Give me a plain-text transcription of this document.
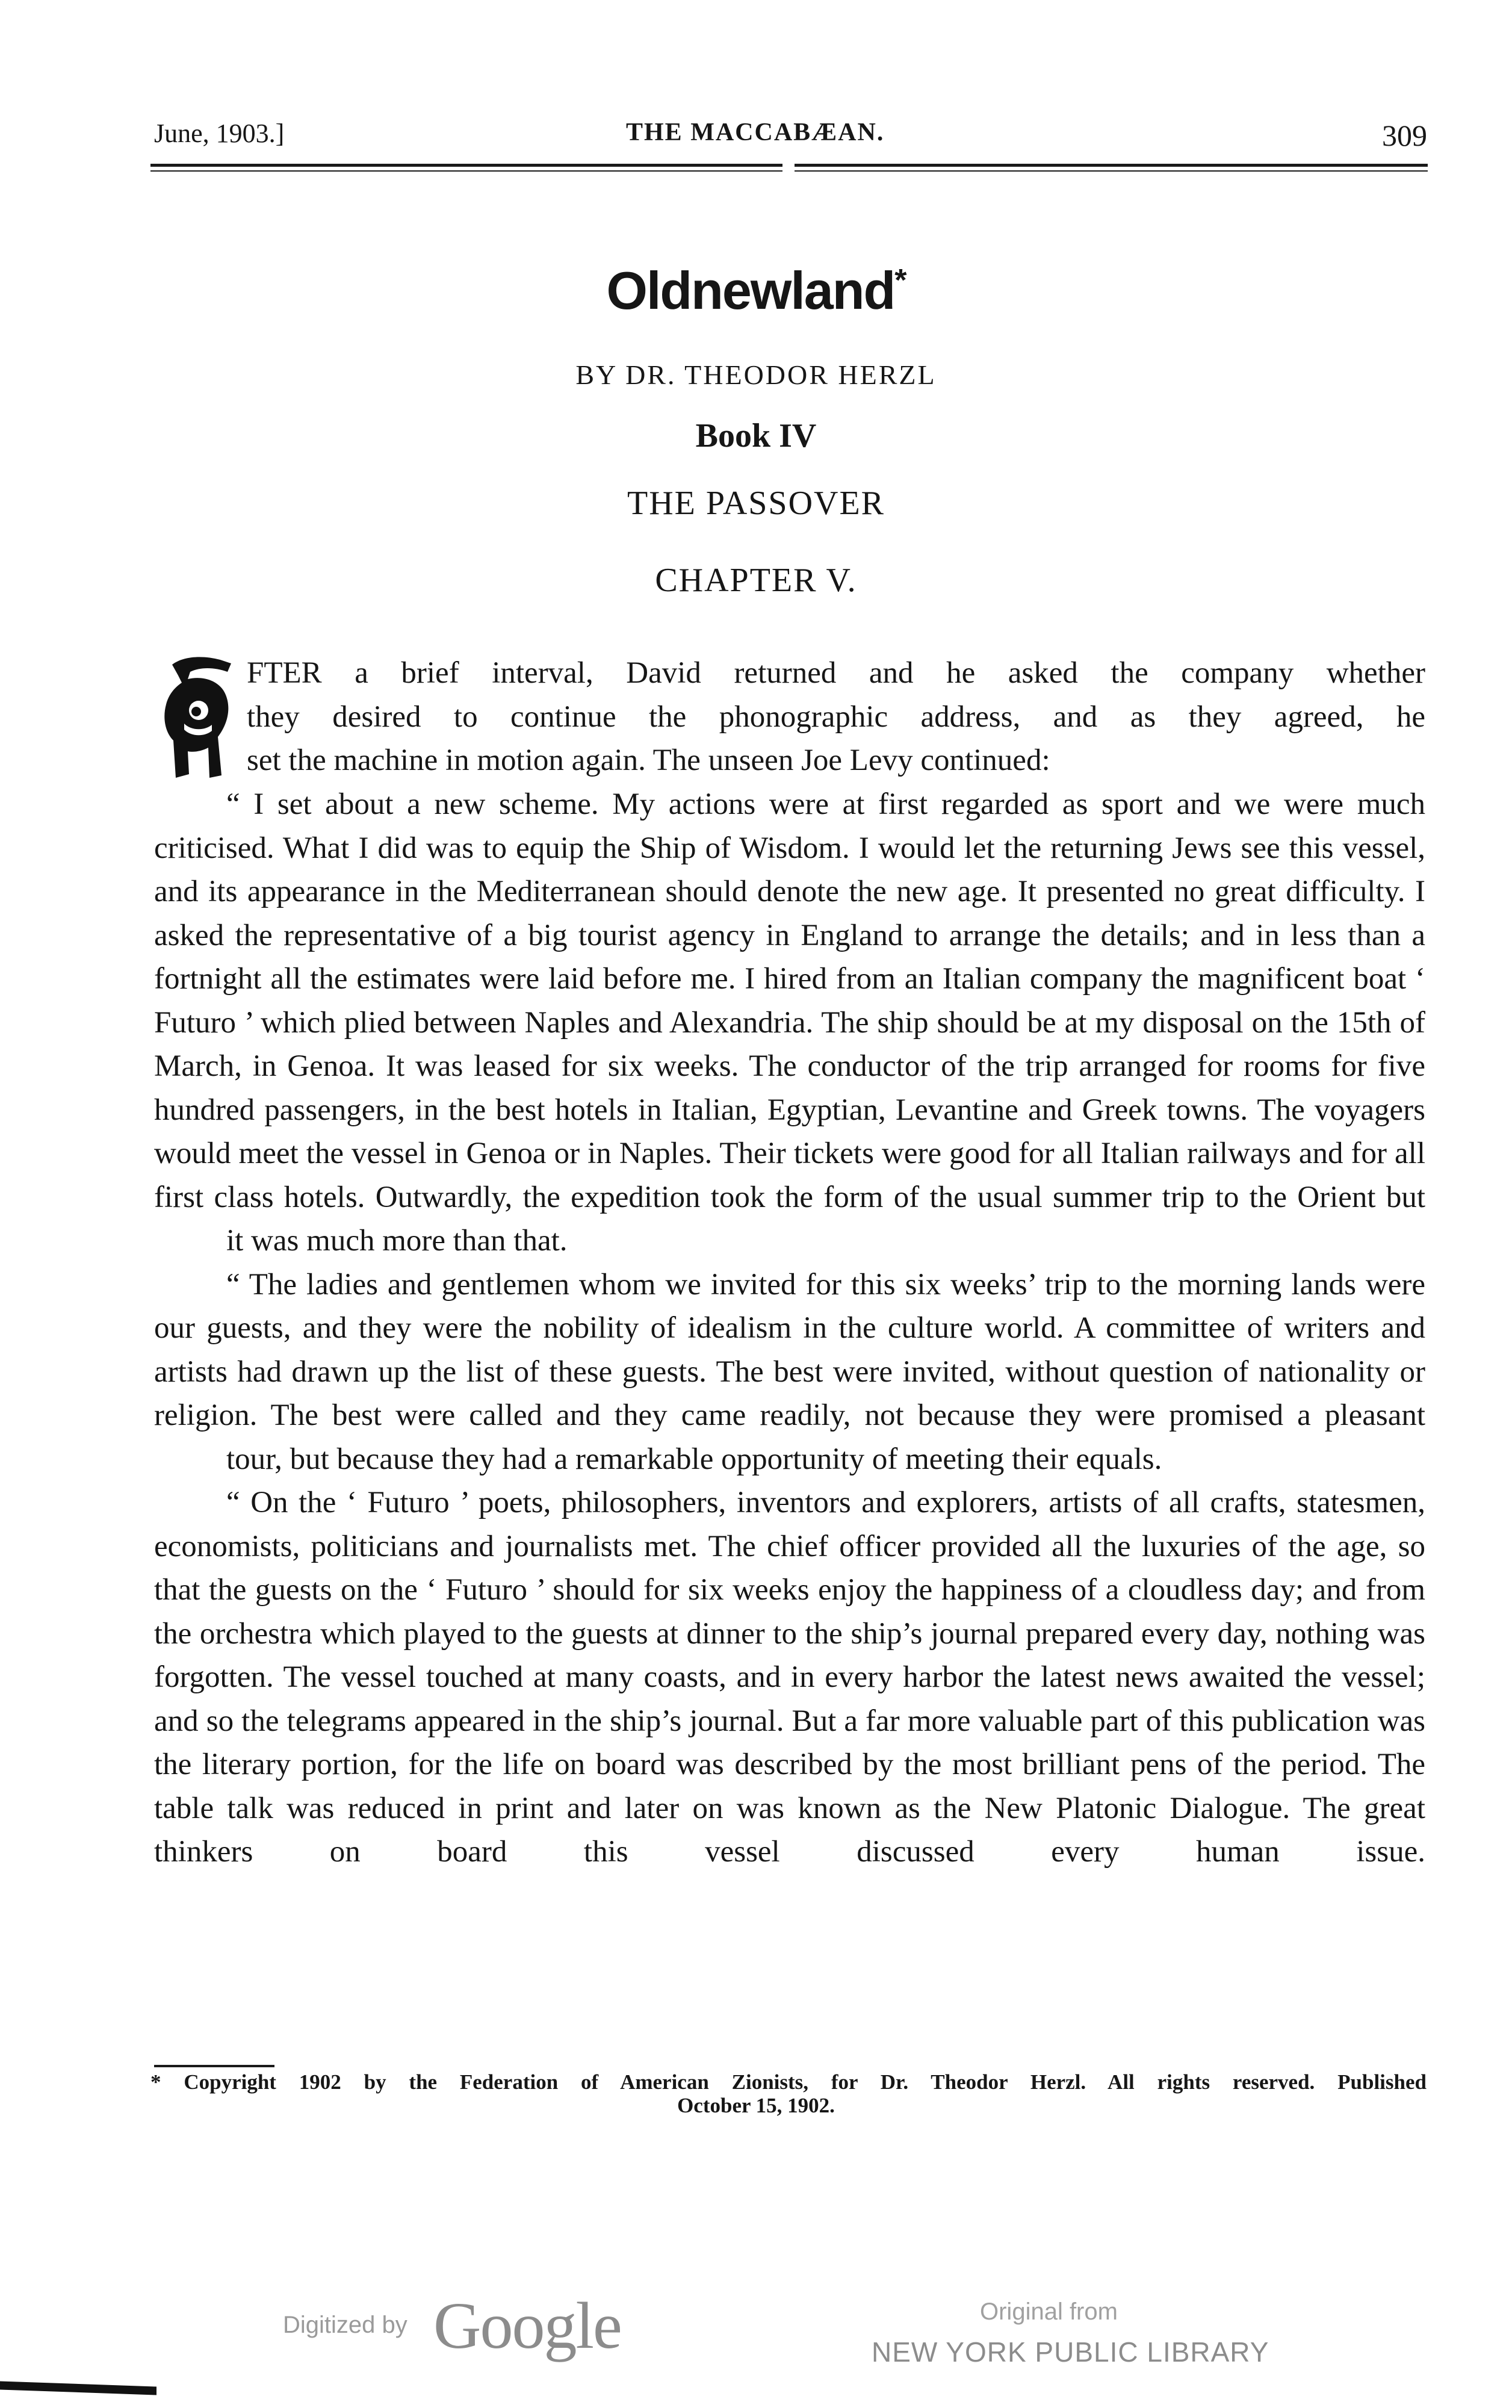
June, 1903.]	THE MACCABÆAN.	309
Oldnewland*
BY DR. THEODOR HERZL
Book IV
THE PASSOVER
CHAPTER V.

FTER a brief interval, David returned and he asked the company whether
they desired to continue the phonographic address, and as they agreed, he
set the machine in motion again. The unseen Joe Levy continued:

“ I set about a new scheme. My actions were at first regarded as sport and we were much criticised. What I did was to equip the Ship of Wisdom. I would let the returning Jews see this vessel, and its appearance in the Mediterranean should denote the new age. It presented no great difficulty. I asked the representative of a big tourist agency in England to arrange the details; and in less than a fortnight all the estimates were laid before me. I hired from an Italian company the magnificent boat ‘ Futuro ’ which plied between Naples and Alexandria. The ship should be at my disposal on the 15th of March, in Genoa. It was leased for six weeks. The conductor of the trip arranged for rooms for five hundred passengers, in the best hotels in Italian, Egyptian, Levantine and Greek towns. The voyagers would meet the vessel in Genoa or in Naples. Their tickets were good for all Italian railways and for all first class hotels. Outwardly, the expedition took the form of the usual summer trip to the Orient but
it was much more than that.

“ The ladies and gentlemen whom we invited for this six weeks’ trip to the morning lands were our guests, and they were the nobility of idealism in the culture world. A committee of writers and artists had drawn up the list of these guests. The best were invited, without question of nationality or religion. The best were called and they came readily, not because they were promised a pleasant
tour, but because they had a remarkable opportunity of meeting their equals.

“ On the ‘ Futuro ’ poets, philosophers, inventors and explorers, artists of all crafts, statesmen, economists, politicians and journalists met. The chief officer provided all the luxuries of the age, so that the guests on the ‘ Futuro ’ should for six weeks enjoy the happiness of a cloudless day; and from the orchestra which played to the guests at dinner to the ship’s journal prepared every day, nothing was forgotten. The vessel touched at many coasts, and in every harbor the latest news awaited the vessel; and so the telegrams appeared in the ship’s journal. But a far more valuable part of this publication was the literary portion, for the life on board was described by the most brilliant pens of the period. The table talk was reduced in print and later on was known as the New Platonic Dialogue. The great thinkers on board this vessel discussed every human issue.

* Copyright 1902 by the Federation of American Zionists, for Dr. Theodor Herzl. All rights reserved. Published
October 15, 1902.
Digitized by Google	Original from
NEW YORK PUBLIC LIBRARY
